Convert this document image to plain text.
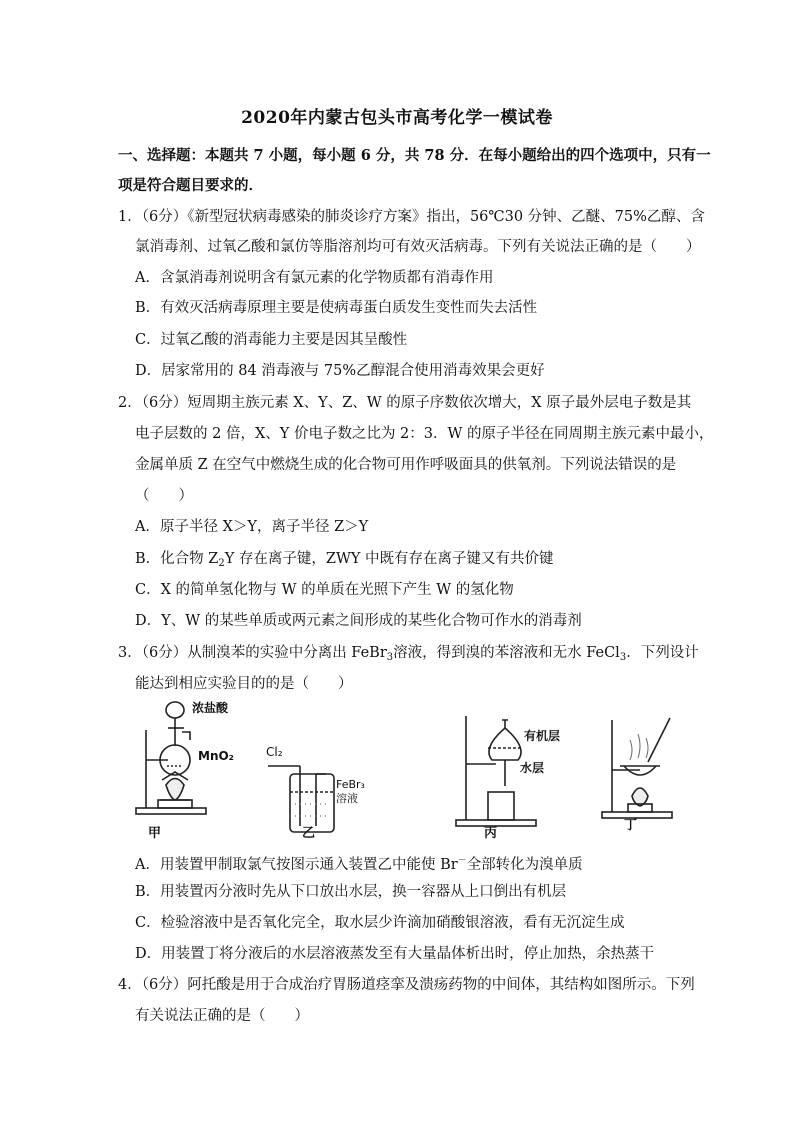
2020年内蒙古包头市高考化学一模试卷
一、选择题：本题共 7 小题，每小题 6 分，共 78 分．在每小题给出的四个选项中，只有一
项是符合题目要求的．
1．（6分）《新型冠状病毒感染的肺炎诊疗方案》指出，56℃30 分钟、乙醚、75%乙醇、含
氯消毒剂、过氧乙酸和氯仿等脂溶剂均可有效灭活病毒。下列有关说法正确的是（　　）
A．含氯消毒剂说明含有氯元素的化学物质都有消毒作用
B．有效灭活病毒原理主要是使病毒蛋白质发生变性而失去活性
C．过氧乙酸的消毒能力主要是因其呈酸性
D．居家常用的 84 消毒液与 75%乙醇混合使用消毒效果会更好
2．（6分）短周期主族元素 X、Y、Z、W 的原子序数依次增大，X 原子最外层电子数是其
电子层数的 2 倍，X、Y 价电子数之比为 2：3．W 的原子半径在同周期主族元素中最小，
金属单质 Z 在空气中燃烧生成的化合物可用作呼吸面具的供氧剂。下列说法错误的是
（　　）
A．原子半径 X＞Y，离子半径 Z＞Y
B．化合物 $Z_2Y$ 存在离子键，ZWY 中既有存在离子键又有共价键
C．X 的简单氢化物与 W 的单质在光照下产生 W 的氢化物
D．Y、W 的某些单质或两元素之间形成的某些化合物可作水的消毒剂
3．（6分）从制溴苯的实验中分离出 FeBr$_3$溶液，得到溴的苯溶液和无水 FeCl$_3$．下列设计
能达到相应实验目的的是（　　）
浓盐酸
MnO₂	Cl₂
FeBr₃
溶液
有机层
水层
甲	乙	丙
丁
A．用装置甲制取氯气按图示通入装置乙中能使 Br－全部转化为溴单质
B．用装置丙分液时先从下口放出水层，换一容器从上口倒出有机层
C．检验溶液中是否氧化完全，取水层少许滴加硝酸银溶液，看有无沉淀生成
D．用装置丁将分液后的水层溶液蒸发至有大量晶体析出时，停止加热，余热蒸干
4．（6分）阿托酸是用于合成治疗胃肠道痉挛及溃疡药物的中间体，其结构如图所示。下列
有关说法正确的是（　　）
